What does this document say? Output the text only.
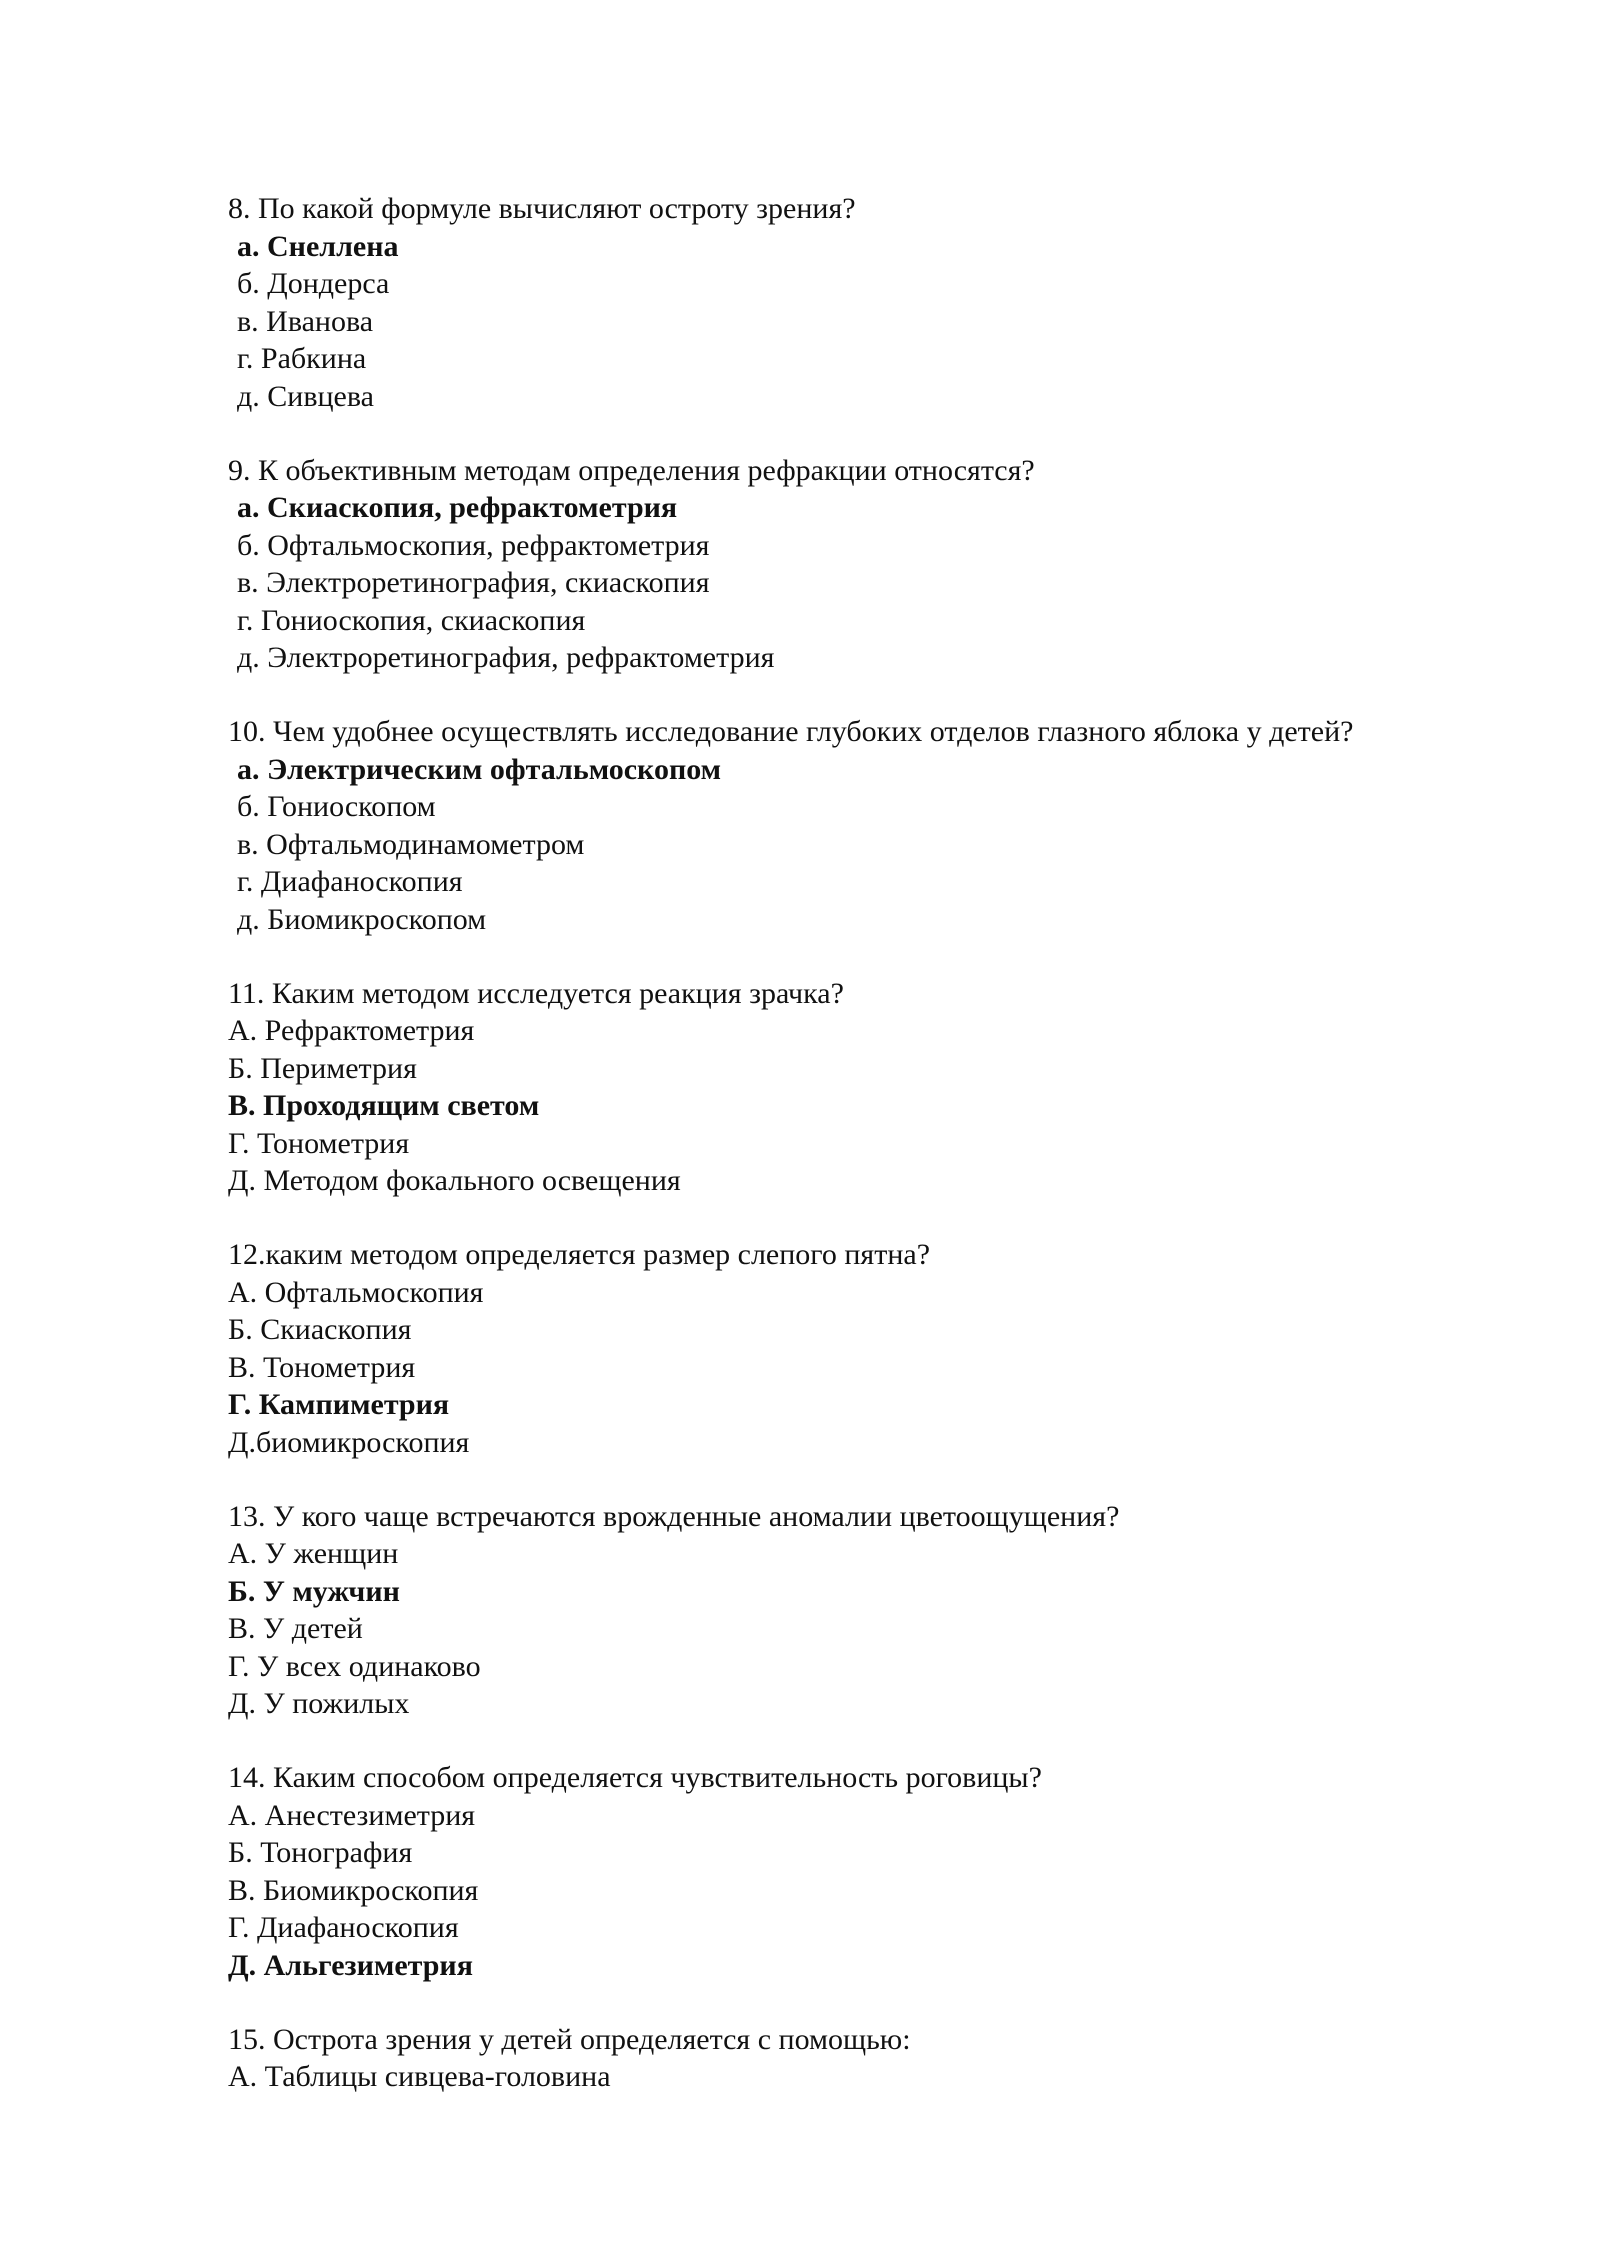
8. По какой формуле вычисляют остроту зрения?
а. Снеллена
б. Дондерса
в. Иванова
г. Рабкина
д. Сивцева
9. К объективным методам определения рефракции относятся?
а. Скиаскопия, рефрактометрия
б. Офтальмоскопия, рефрактометрия
в. Электроретинография, скиаскопия
г. Гониоскопия, скиаскопия
д. Электроретинография, рефрактометрия
10. Чем удобнее осуществлять исследование глубоких отделов глазного яблока у детей?
а. Электрическим офтальмоскопом
б. Гониоскопом
в. Офтальмодинамометром
г. Диафаноскопия
д. Биомикроскопом
11. Каким методом исследуется реакция зрачка?
А. Рефрактометрия
Б. Периметрия
В. Проходящим светом
Г. Тонометрия
Д. Методом фокального освещения
12.каким методом определяется размер слепого пятна?
А. Офтальмоскопия
Б. Скиаскопия
В. Тонометрия
Г. Кампиметрия
Д.биомикроскопия
13. У кого чаще встречаются врожденные аномалии цветоощущения?
А. У женщин
Б. У мужчин
В. У детей
Г. У всех одинаково
Д. У пожилых
14. Каким способом определяется чувствительность роговицы?
А. Анестезиметрия
Б. Тонография
В. Биомикроскопия
Г. Диафаноскопия
Д. Альгезиметрия
15. Острота зрения у детей определяется с помощью:
А. Таблицы сивцева-головина
